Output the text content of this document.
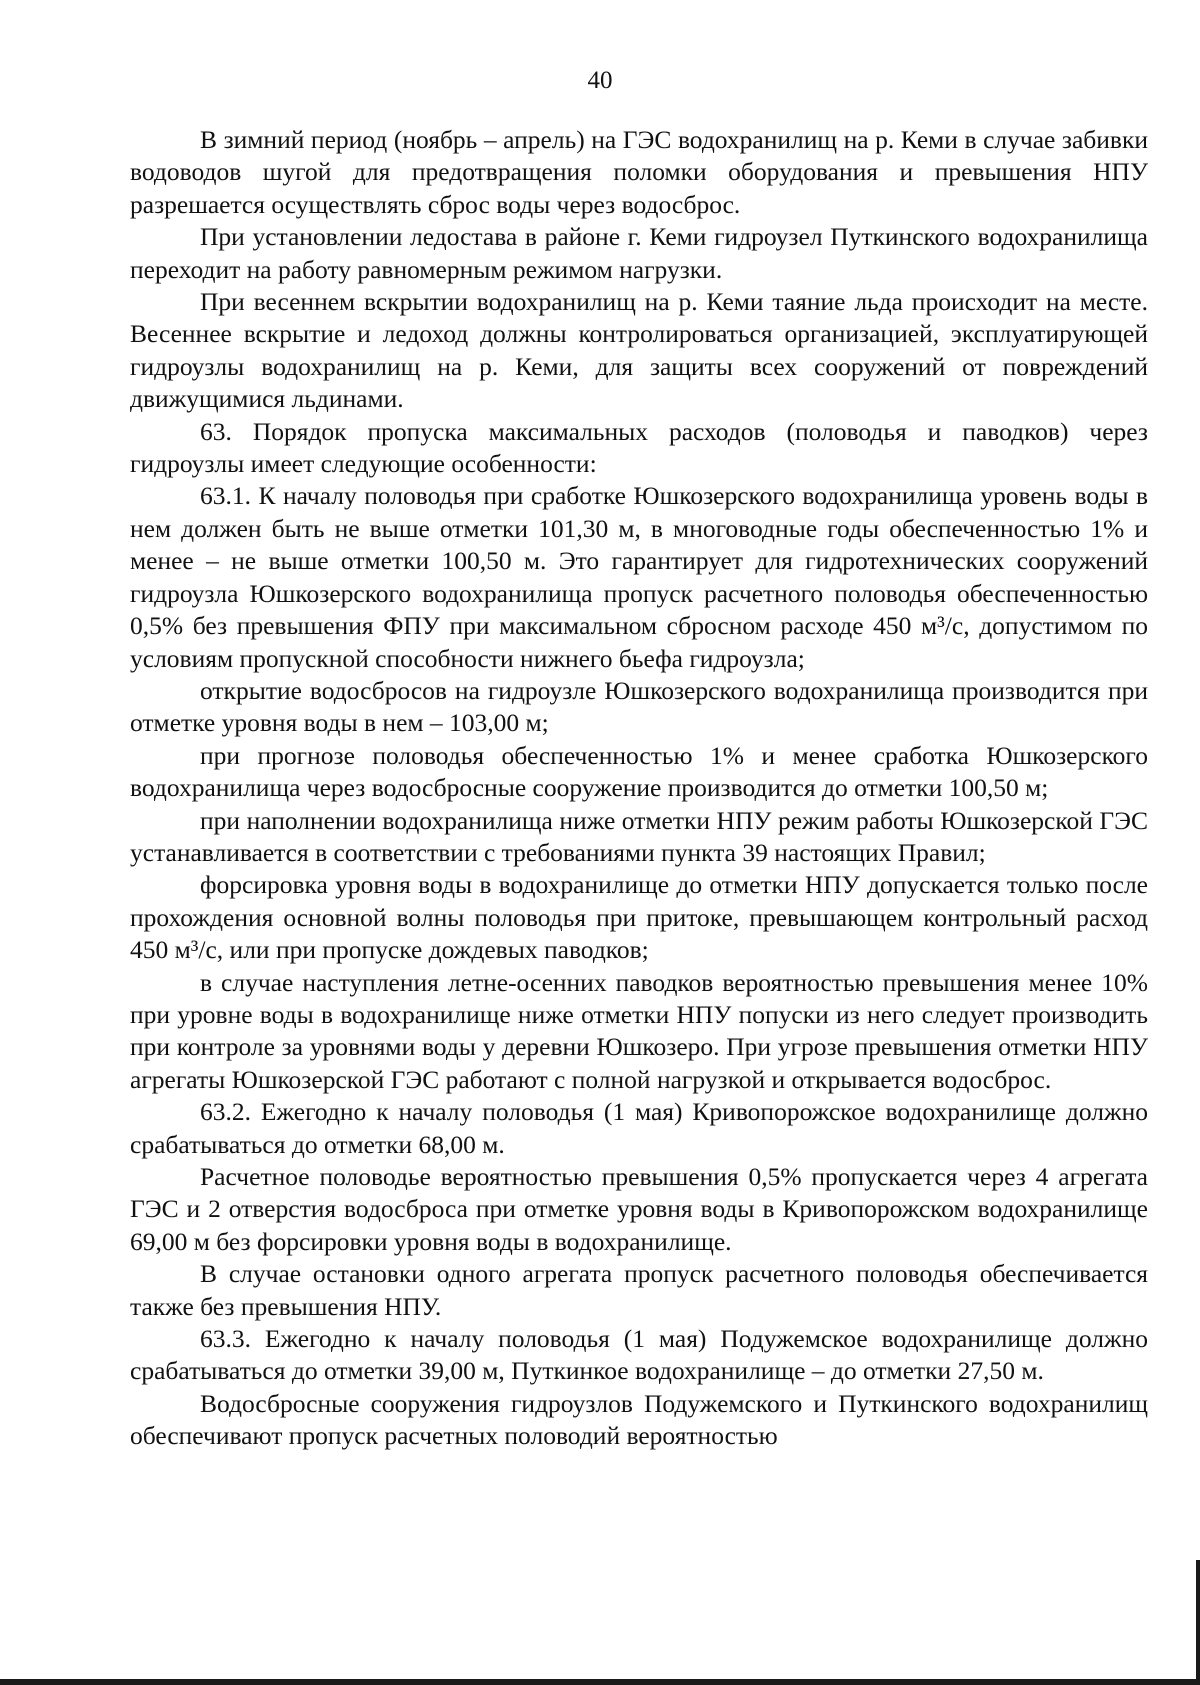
40

В зимний период (ноябрь – апрель) на ГЭС водохранилищ на р. Кеми в случае забивки водоводов шугой для предотвращения поломки оборудования и превышения НПУ разрешается осуществлять сброс воды через водосброс.

При установлении ледостава в районе г. Кеми гидроузел Путкинского водохранилища переходит на работу равномерным режимом нагрузки.

При весеннем вскрытии водохранилищ на р. Кеми таяние льда происходит на месте. Весеннее вскрытие и ледоход должны контролироваться организацией, эксплуатирующей гидроузлы водохранилищ на р. Кеми, для защиты всех сооружений от повреждений движущимися льдинами.

63. Порядок пропуска максимальных расходов (половодья и паводков) через гидроузлы имеет следующие особенности:

63.1. К началу половодья при сработке Юшкозерского водохранилища уровень воды в нем должен быть не выше отметки 101,30 м, в многоводные годы обеспеченностью 1% и менее – не выше отметки 100,50 м. Это гарантирует для гидротехнических сооружений гидроузла Юшкозерского водохранилища пропуск расчетного половодья обеспеченностью 0,5% без превышения ФПУ при максимальном сбросном расходе 450 м³/с, допустимом по условиям пропускной способности нижнего бьефа гидроузла;

открытие водосбросов на гидроузле Юшкозерского водохранилища производится при отметке уровня воды в нем – 103,00 м;

при прогнозе половодья обеспеченностью 1% и менее сработка Юшкозерского водохранилища через водосбросные сооружение производится до отметки 100,50 м;

при наполнении водохранилища ниже отметки НПУ режим работы Юшкозерской ГЭС устанавливается в соответствии с требованиями пункта 39 настоящих Правил;

форсировка уровня воды в водохранилище до отметки НПУ допускается только после прохождения основной волны половодья при притоке, превышающем контрольный расход 450 м³/с, или при пропуске дождевых паводков;

в случае наступления летне-осенних паводков вероятностью превышения менее 10% при уровне воды в водохранилище ниже отметки НПУ попуски из него следует производить при контроле за уровнями воды у деревни Юшкозеро. При угрозе превышения отметки НПУ агрегаты Юшкозерской ГЭС работают с полной нагрузкой и открывается водосброс.

63.2. Ежегодно к началу половодья (1 мая) Кривопорожское водохранилище должно срабатываться до отметки 68,00 м.

Расчетное половодье вероятностью превышения 0,5% пропускается через 4 агрегата ГЭС и 2 отверстия водосброса при отметке уровня воды в Кривопорожском водохранилище 69,00 м без форсировки уровня воды в водохранилище.

В случае остановки одного агрегата пропуск расчетного половодья обеспечивается также без превышения НПУ.

63.3. Ежегодно к началу половодья (1 мая) Подужемское водохранилище должно срабатываться до отметки 39,00 м, Путкинкое водохранилище – до отметки 27,50 м.

Водосбросные сооружения гидроузлов Подужемского и Путкинского водохранилищ обеспечивают пропуск расчетных половодий вероятностью
